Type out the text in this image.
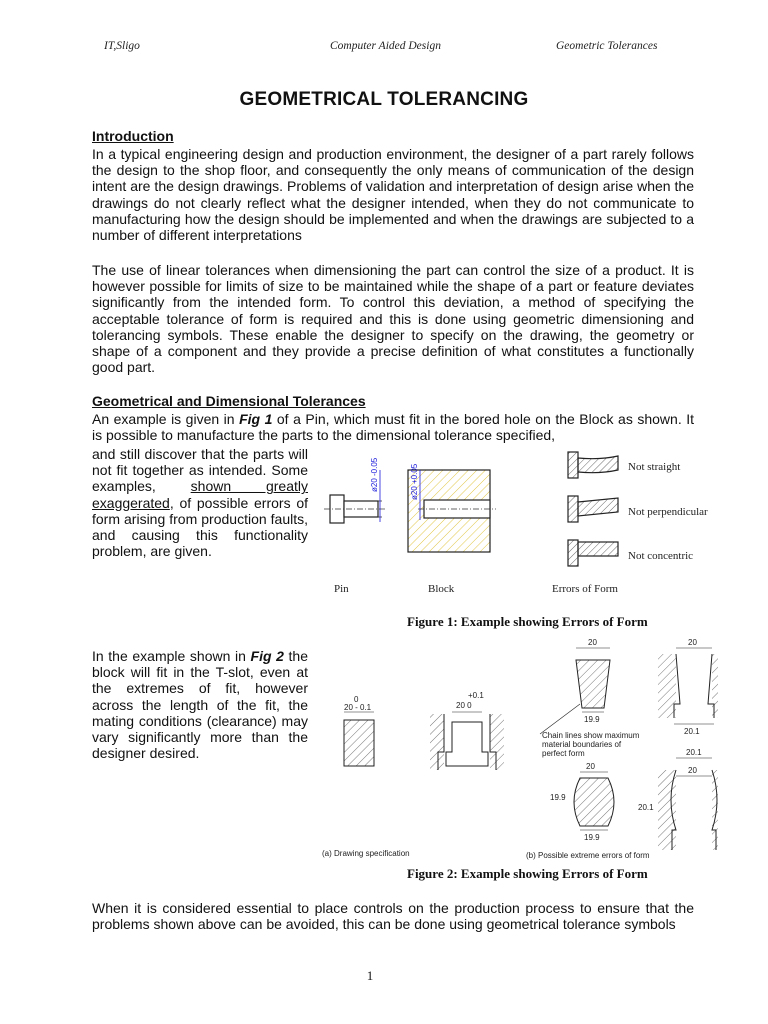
IT,Sligo	Computer Aided Design	Geometric Tolerances
GEOMETRICAL TOLERANCING
Introduction

In a typical engineering design and production environment, the designer of a part rarely follows the design to the shop floor, and consequently the only means of communication of the design intent are the design drawings. Problems of validation and interpretation of design arise when the drawings do not clearly reflect what the designer intended, when they do not communicate to manufacturing how the design should be implemented and when the drawings are subjected to a number of different interpretations

The use of linear tolerances when dimensioning the part can control the size of a product. It is however possible for limits of size to be maintained while the shape of a part or feature deviates significantly from the intended form. To control this deviation, a method of specifying the acceptable tolerance of form is required and this is done using geometric dimensioning and tolerancing symbols. These enable the designer to specify on the drawing, the geometry or shape of a component and they provide a precise definition of what constitutes a functionally good part.

Geometrical and Dimensional Tolerances

An example is given in Fig 1 of a Pin, which must fit in the bored hole on the Block as shown. It is possible to manufacture the parts to the dimensional tolerance specified,

and still discover that the parts will not fit together as intended. Some examples, shown greatly exaggerated, of possible errors of form arising from production faults, and causing this functionality problem, are given.

ø20 -0.05	ø20 +0.05	Not straight
Not perpendicular
Not concentric
Pin	Block	Errors of Form
Figure 1: Example showing Errors of Form

In the example shown in Fig 2 the block will fit in the T-slot, even at the extremes of fit, however across the length of the fit, the mating conditions (clearance) may vary significantly more than the designer desired.

0
20 - 0.1
+0.1
20 0
20
19.9
Chain lines show maximum
material boundaries of
perfect form
20
20.1
20
19.9
19.9
20.1
20
20.1
(a) Drawing specification	(b) Possible extreme errors of form
Figure 2: Example showing Errors of Form

When it is considered essential to place controls on the production process to ensure that the problems shown above can be avoided, this can be done using geometrical tolerance symbols

1
